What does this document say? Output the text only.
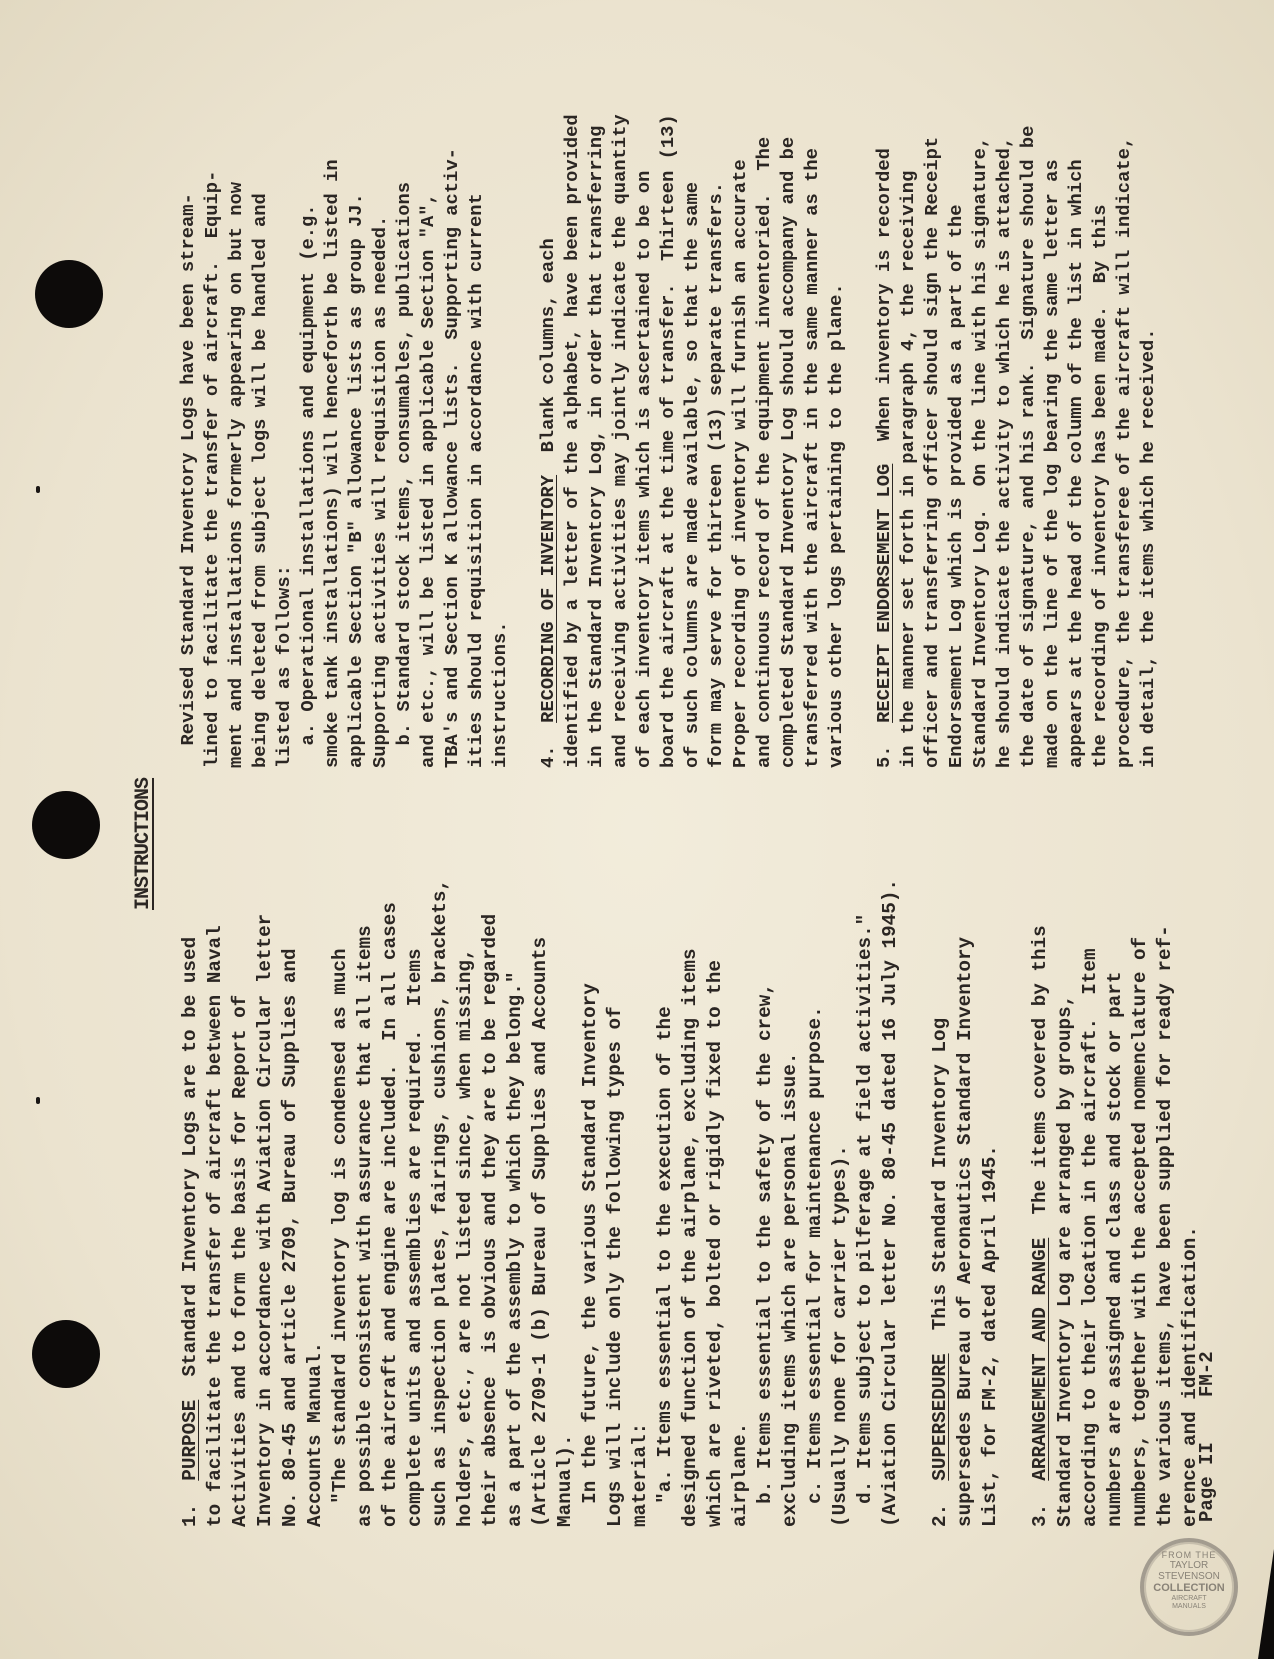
FROM THE
TAYLOR
STEVENSON
COLLECTION
AIRCRAFT
MANUALS
INSTRUCTIONS
1.  PURPOSE  Standard Inventory Logs are to be used to facilitate the transfer of aircraft between Naval Activities and to form the basis for Report of Inventory in accordance with Aviation Circular letter No. 80-45 and article 2709, Bureau of Supplies and Accounts Manual. "The standard inventory log is condensed as much as possible consistent with assurance that all items of the aircraft and engine are included.  In all cases complete units and assemblies are required.  Items such as inspection plates, fairings, cushions, brackets, holders, etc., are not listed since, when missing, their absence  is obvious and they are to be regarded as a part of the assembly to which they belong." (Article 2709-1 (b) Bureau of Supplies and Accounts Manual). In the future, the various Standard Inventory Logs will include only the following types of material: "a. Items essential to the execution of the designed function of the airplane, excluding items which are riveted, bolted or rigidly fixed to the airplane. b. Items essential to the safety of the crew, excluding items which are personal issue. c. Items essential for maintenance purpose. (Usually none for carrier types). d. Items subject to pilferage at field activities." (Aviation Circular letter No. 80-45 dated 16 July 1945). 2.  SUPERSEDURE  This Standard Inventory Log supersedes Bureau of Aeronautics Standard Inventory List, for FM-2, dated April 1945. 3.  ARRANGEMENT AND RANGE  The items covered by this Standard Inventory Log are arranged by groups, according to their location in the aircraft.  Item numbers are assigned and class and stock or part numbers, together with the accepted nomenclature of the various items, have been supplied for ready ref- erence and identification.
Revised Standard Inventory Logs have been stream- lined to facilitate the transfer of aircraft.  Equip- ment and installations formerly appearing on but now being deleted from subject logs will be handled and listed as follows: a. Operational installations and equipment (e.g. smoke tank installations) will henceforth be listed in applicable Section "B" allowance lists as group JJ. Supporting activities will requisition as needed. b. Standard stock items, consumables, publications and etc., will be listed in applicable Section "A", TBA's and Section K allowance lists.  Supporting activ- ities should requisition in accordance with current instructions. 4.  RECORDING OF INVENTORY  Blank columns, each identified by a letter of the alphabet, have been provided in the Standard Inventory Log, in order that transferring and receiving activities may jointly indicate the quantity of each inventory items which is ascertained to be on board the aircraft at the time of transfer.  Thirteen (13) of such columns are made available, so that the same form may serve for thirteen (13) separate transfers. Proper recording of inventory will furnish an accurate and continuous record of the equipment inventoried.  The completed Standard Inventory Log should accompany and be transferred with the aircraft in the same manner as the various other logs pertaining to the plane. 5.  RECEIPT ENDORSEMENT LOG  When inventory is recorded in the manner set forth in paragraph 4, the receiving officer and transferring officer should sign the Receipt Endorsement Log which is provided as a part of the Standard Inventory Log.  On the line with his signature, he should indicate the activity to which he is attached, the date of signature, and his rank.  Signature should be made on the line of the log bearing the same letter as appears at the head of the column of the list in which the recording of inventory has been made.  By this procedure, the transferee of the aircraft will indicate, in detail, the items which he received.
Page II
FM-2
